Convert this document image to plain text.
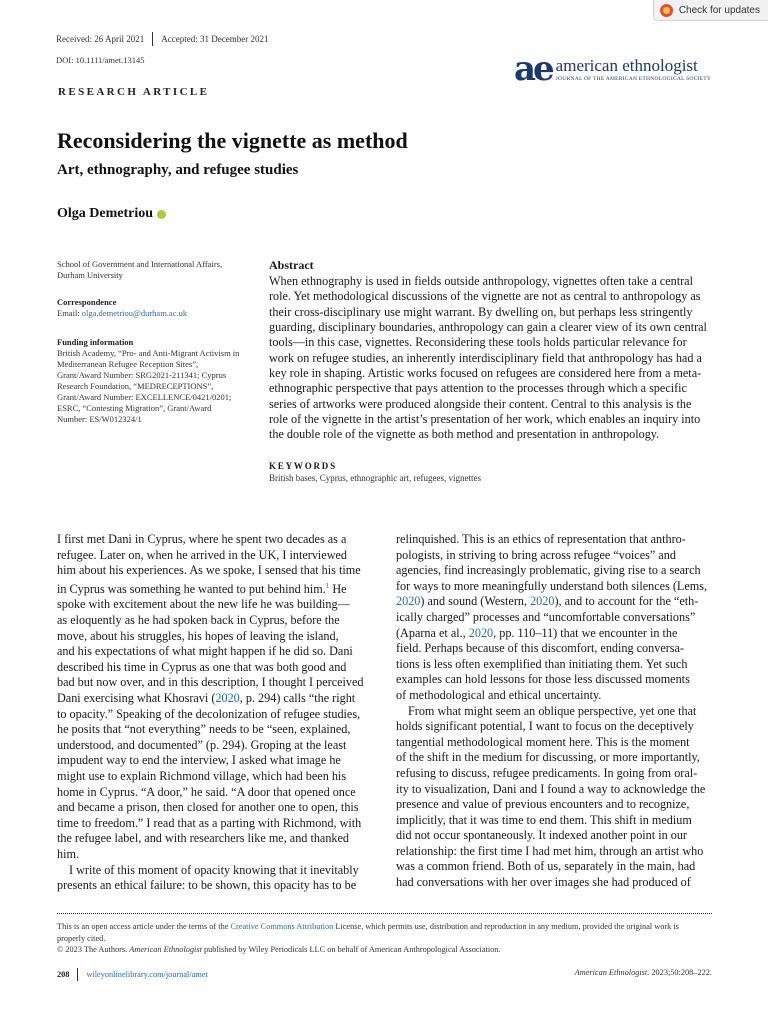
Check for updates
Received: 26 April 2021 Accepted: 31 December 2021
DOI: 10.1111/amet.13145	ae american ethnologist
JOURNAL OF THE AMERICAN ETHNOLOGICAL SOCIETY
RESEARCH ARTICLE
Reconsidering the vignette as method
Art, ethnography, and refugee studies
Olga Demetriou
School of Government and International Affairs,
Durham University
Correspondence
Email: olga.demetriou@durham.ac.uk
Funding information
British Academy, “Pro- and Anti-Migrant Activism in
Mediterranean Refugee Reception Sites”,
Grant/Award Number: SRG2021-211341; Cyprus
Research Foundation, “MEDRECEPTIONS”,
Grant/Award Number: EXCELLENCE/0421/0201;
ESRC, “Contesting Migration”, Grant/Award
Number: ES/W012324/1
Abstract
When ethnography is used in fields outside anthropology, vignettes often take a central
role. Yet methodological discussions of the vignette are not as central to anthropology as
their cross-disciplinary use might warrant. By dwelling on, but perhaps less stringently
guarding, disciplinary boundaries, anthropology can gain a clearer view of its own central
tools—in this case, vignettes. Reconsidering these tools holds particular relevance for
work on refugee studies, an inherently interdisciplinary field that anthropology has had a
key role in shaping. Artistic works focused on refugees are considered here from a meta-
ethnographic perspective that pays attention to the processes through which a specific
series of artworks were produced alongside their content. Central to this analysis is the
role of the vignette in the artist’s presentation of her work, which enables an inquiry into
the double role of the vignette as both method and presentation in anthropology.
KEYWORDS
British bases, Cyprus, ethnographic art, refugees, vignettes
I first met Dani in Cyprus, where he spent two decades as a
refugee. Later on, when he arrived in the UK, I interviewed
him about his experiences. As we spoke, I sensed that his time
in Cyprus was something he wanted to put behind him.$^1$ He
spoke with excitement about the new life he was building—
as eloquently as he had spoken back in Cyprus, before the
move, about his struggles, his hopes of leaving the island,
and his expectations of what might happen if he did so. Dani
described his time in Cyprus as one that was both good and
bad but now over, and in this description, I thought I perceived
Dani exercising what Khosravi (2020, p. 294) calls “the right
to opacity.” Speaking of the decolonization of refugee studies,
he posits that “not everything” needs to be “seen, explained,
understood, and documented” (p. 294). Groping at the least
impudent way to end the interview, I asked what image he
might use to explain Richmond village, which had been his
home in Cyprus. “A door,” he said. “A door that opened once
and became a prison, then closed for another one to open, this
time to freedom.” I read that as a parting with Richmond, with
the refugee label, and with researchers like me, and thanked
him.
I write of this moment of opacity knowing that it inevitably
presents an ethical failure: to be shown, this opacity has to be
relinquished. This is an ethics of representation that anthro-
pologists, in striving to bring across refugee “voices” and
agencies, find increasingly problematic, giving rise to a search
for ways to more meaningfully understand both silences (Lems,
2020) and sound (Western, 2020), and to account for the “eth-
ically charged” processes and “uncomfortable conversations”
(Aparna et al., 2020, pp. 110–11) that we encounter in the
field. Perhaps because of this discomfort, ending conversa-
tions is less often exemplified than initiating them. Yet such
examples can hold lessons for those less discussed moments
of methodological and ethical uncertainty.
From what might seem an oblique perspective, yet one that
holds significant potential, I want to focus on the deceptively
tangential methodological moment here. This is the moment
of the shift in the medium for discussing, or more importantly,
refusing to discuss, refugee predicaments. In going from oral-
ity to visualization, Dani and I found a way to acknowledge the
presence and value of previous encounters and to recognize,
implicitly, that it was time to end them. This shift in medium
did not occur spontaneously. It indexed another point in our
relationship: the first time I had met him, through an artist who
was a common friend. Both of us, separately in the main, had
had conversations with her over images she had produced of
This is an open access article under the terms of the Creative Commons Attribution License, which permits use, distribution and reproduction in any medium, provided the original work is
properly cited.
© 2023 The Authors. American Ethnologist published by Wiley Periodicals LLC on behalf of American Anthropological Association.
208 wileyonlinelibrary.com/journal/amet	American Ethnologist. 2023;50:208–222.
